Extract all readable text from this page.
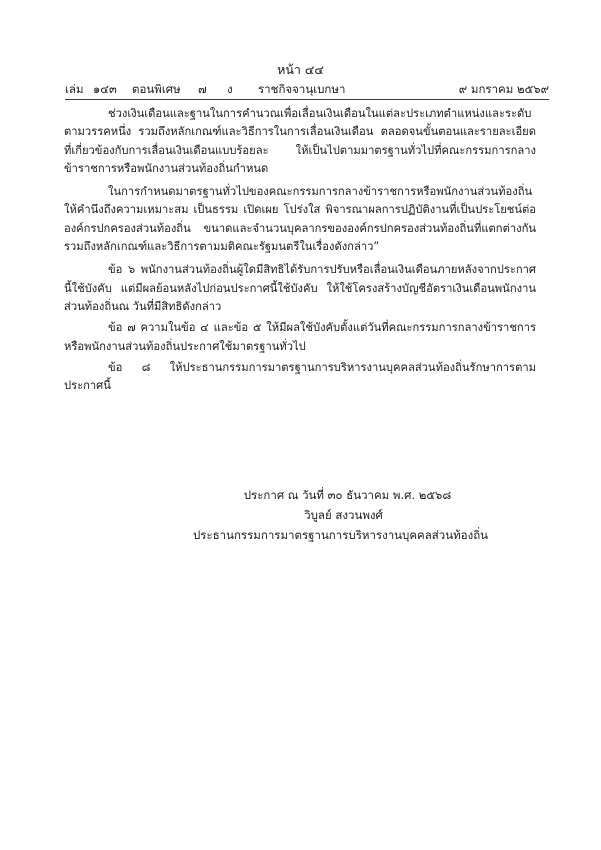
หน้า ๔๔
เล่ม ๑๔๓ ตอนพิเศษ ๗ ง ราชกิจจานุเบกษา	๙ มกราคม ๒๕๖๙

ช่วงเงินเดือนและฐานในการคำนวณเพื่อเลื่อนเงินเดือนในแต่ละประเภทตำแหน่งและระดับตามวรรคหนึ่ง รวมถึงหลักเกณฑ์และวิธีการในการเลื่อนเงินเดือน ตลอดจนขั้นตอนและรายละเอียดที่เกี่ยวข้องกับการเลื่อนเงินเดือนแบบร้อยละ ให้เป็นไปตามมาตรฐานทั่วไปที่คณะกรรมการกลางข้าราชการหรือพนักงานส่วนท้องถิ่นกำหนด

ในการกำหนดมาตรฐานทั่วไปของคณะกรรมการกลางข้าราชการหรือพนักงานส่วนท้องถิ่นให้คำนึงถึงความเหมาะสม เป็นธรรม เปิดเผย โปร่งใส พิจารณาผลการปฏิบัติงานที่เป็นประโยชน์ต่อองค์กรปกครองส่วนท้องถิ่น ขนาดและจำนวนบุคลากรขององค์กรปกครองส่วนท้องถิ่นที่แตกต่างกันรวมถึงหลักเกณฑ์และวิธีการตามมติคณะรัฐมนตรีในเรื่องดังกล่าว”

ข้อ ๖ พนักงานส่วนท้องถิ่นผู้ใดมีสิทธิได้รับการปรับหรือเลื่อนเงินเดือนภายหลังจากประกาศนี้ใช้บังคับ แต่มีผลย้อนหลังไปก่อนประกาศนี้ใช้บังคับ ให้ใช้โครงสร้างบัญชีอัตราเงินเดือนพนักงานส่วนท้องถิ่นณ วันที่มีสิทธิดังกล่าว

ข้อ ๗ ความในข้อ ๔ และข้อ ๕ ให้มีผลใช้บังคับตั้งแต่วันที่คณะกรรมการกลางข้าราชการหรือพนักงานส่วนท้องถิ่นประกาศใช้มาตรฐานทั่วไป

ข้อ ๘ ให้ประธานกรรมการมาตรฐานการบริหารงานบุคคลส่วนท้องถิ่นรักษาการตามประกาศนี้

ประกาศ ณ วันที่ ๓๐ ธันวาคม พ.ศ. ๒๕๖๘
วิบูลย์ สงวนพงศ์
ประธานกรรมการมาตรฐานการบริหารงานบุคคลส่วนท้องถิ่น
